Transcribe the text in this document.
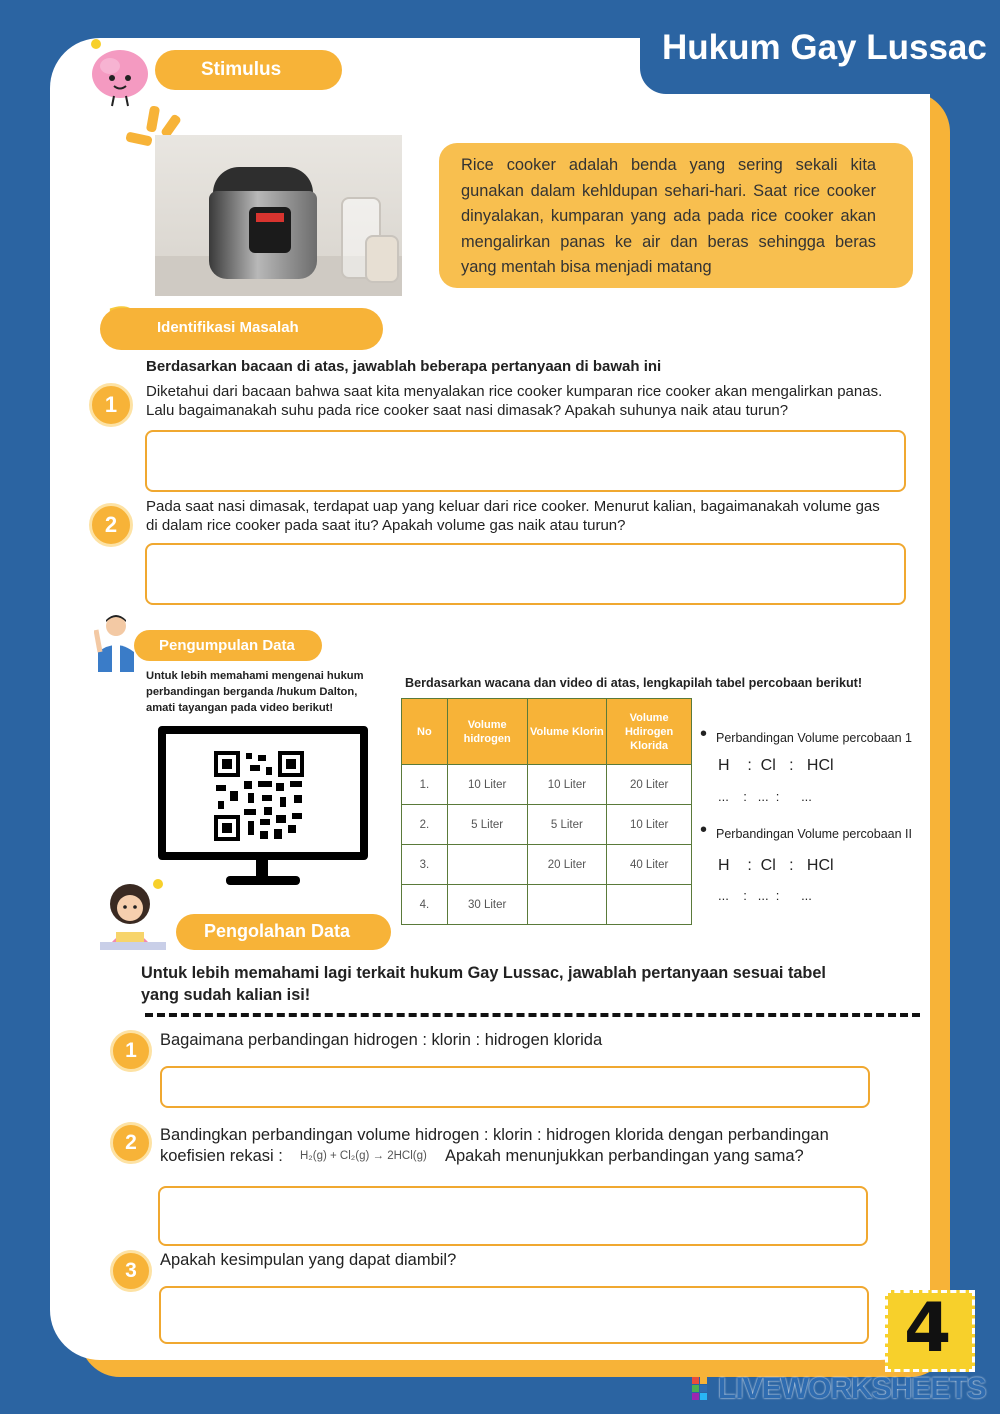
Hukum Gay Lussac
Stimulus

Rice cooker adalah benda yang sering sekali kita gunakan dalam kehldupan sehari-hari. Saat rice cooker dinyalakan, kumparan yang ada pada rice cooker akan mengalirkan panas ke air dan beras sehingga beras yang mentah bisa menjadi matang

Identifikasi Masalah
Berdasarkan bacaan di atas, jawablah beberapa pertanyaan di bawah ini
1
Diketahui dari bacaan bahwa saat kita menyalakan rice cooker kumparan rice cooker akan mengalirkan panas.
Lalu bagaimanakah suhu pada rice cooker saat nasi dimasak? Apakah suhunya naik atau turun?
2
Pada saat nasi dimasak, terdapat uap yang keluar dari rice cooker. Menurut kalian, bagaimanakah volume gas
di dalam rice cooker pada saat itu? Apakah volume gas naik atau turun?
Pengumpulan Data
Untuk lebih memahami mengenai hukum
perbandingan berganda /hukum Dalton,
amati tayangan pada video berikut!
Berdasarkan wacana dan video di atas, lengkapilah tabel percobaan berikut!
No	Volume hidrogen	Volume Klorin	Volume Hdirogen Klorida
1.	10 Liter	10 Liter	20 Liter
2.	5 Liter	5 Liter	10 Liter
3.		20 Liter	40 Liter
4.	30 Liter		
• Perbandingan Volume percobaan 1
H    :  Cl   :   HCl
...    :   ...  :      ...
• Perbandingan Volume percobaan II
H    :  Cl   :   HCl
...    :   ...  :      ...
Pengolahan Data
Untuk lebih memahami lagi terkait hukum Gay Lussac, jawablah pertanyaan sesuai tabel
yang sudah kalian isi!
1	Bagaimana perbandingan hidrogen : klorin : hidrogen klorida
2	Bandingkan perbandingan volume hidrogen : klorin : hidrogen klorida dengan perbandingan
koefisien rekasi : H₂(g) + Cl₂(g) → 2HCl(g) Apakah menunjukkan perbandingan yang sama?
3	Apakah kesimpulan yang dapat diambil?
4
LIVEWORKSHEETS
